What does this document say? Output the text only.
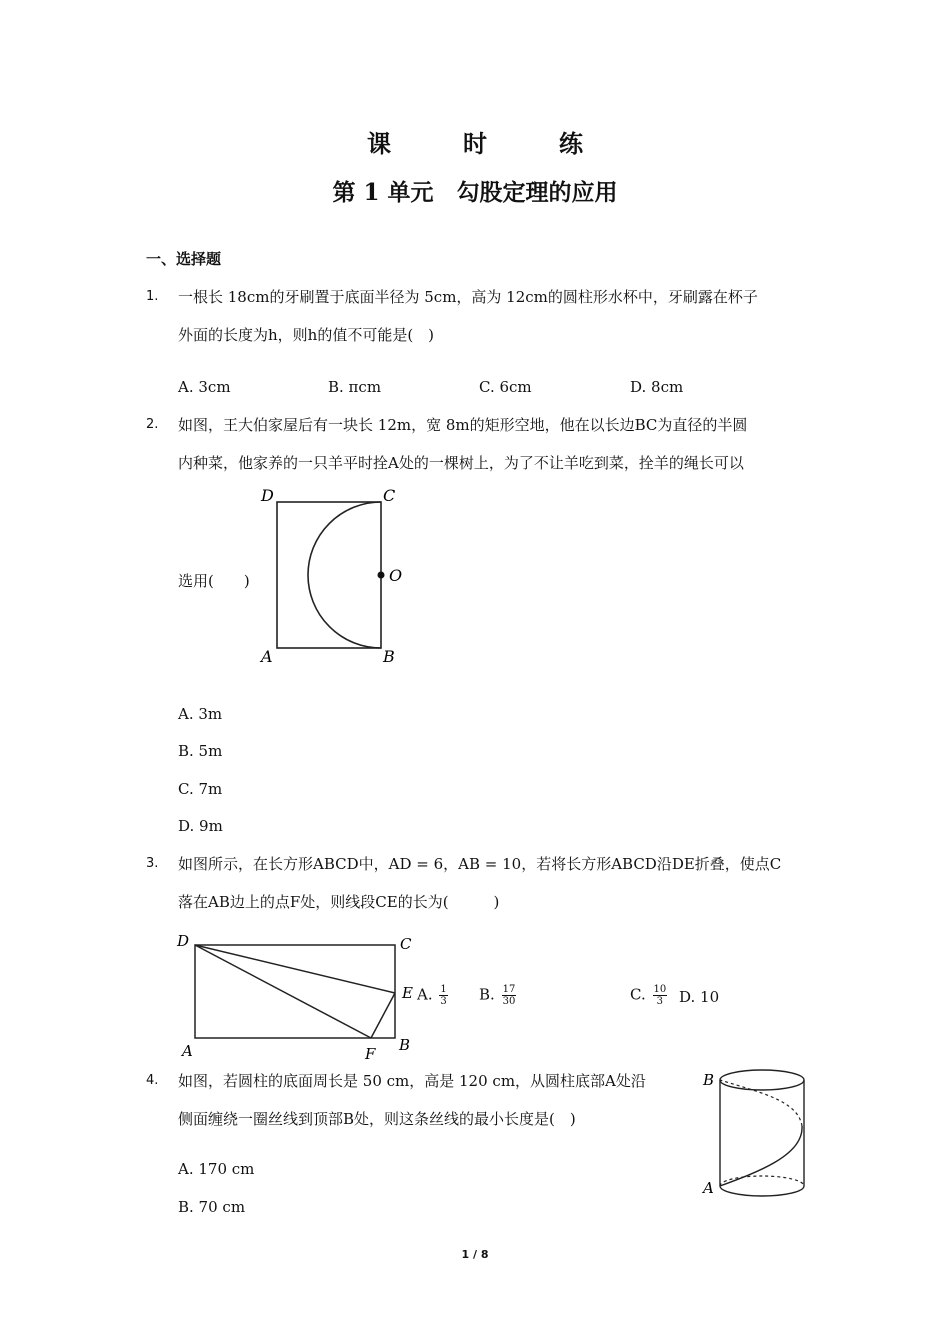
课　时　练
第 1 单元　勾股定理的应用
一、选择题
1. 一根长 18cm的牙刷置于底面半径为 5cm，高为 12cm的圆柱形水杯中，牙刷露在杯子
外面的长度为h，则h的值不可能是(　)
A. 3cm	B. πcm	C. 6cm	D. 8cm
2. 如图，王大伯家屋后有一块长 12m，宽 8m的矩形空地，他在以长边BC为直径的半圆
内种菜，他家养的一只羊平时拴A处的一棵树上，为了不让羊吃到菜，拴羊的绳长可以
选用(　　)
D	C
O
A	B
A. 3m
B. 5m
C. 7m
D. 9m
3. 如图所示，在长方形ABCD中，AD = 6，AB = 10，若将长方形ABCD沿DE折叠，使点C
落在AB边上的点F处，则线段CE的长为(　　　)
D	C
E
A	F B
A. $\frac{1}{3} B$. $\frac{17}{30}$	C. $\frac{10}{3} D$. 10
4. 如图，若圆柱的底面周长是 50 cm，高是 120 cm，从圆柱底部A处沿
侧面缠绕一圈丝线到顶部B处，则这条丝线的最小长度是(　)
A. 170 cm
B. 70 cm
B
A
1 / 8
